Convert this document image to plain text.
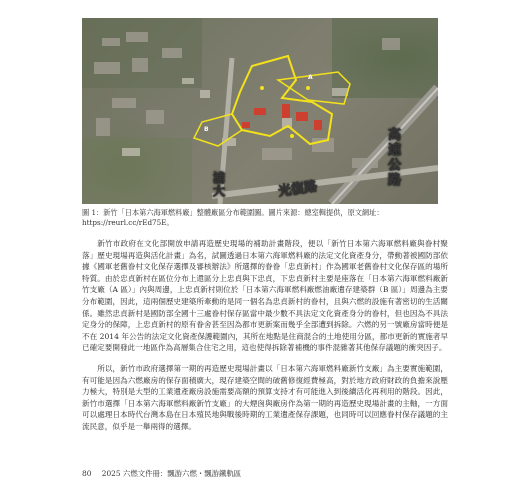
高速公路
光復路
浦大
A
B
圖 1：新竹「日本第六海軍燃料廠」整體廠區分布範圍圖。圖片來源：總室輯提供，原文網址：https://reurl.cc/rEd75E。

新竹市政府在文化部開放申請再造歷史現場的補助計畫階段，便以「新竹日本第六海軍燃料廠與眷村聚落」歷史現場再造與活化計畫」為名，試圖透過日本第六海軍燃料廠的法定文化資產身分，帶動著被國防部依據《國軍老舊眷村文化保存選擇及審核辦法》所選擇的眷眷「忠貞新村」作為國軍老舊眷村文化保存區的場所特質。由於忠貞新村在區位分布上還區分上忠貞與下忠貞，下忠貞新村主要是座落在「日本第六海軍燃料廠新竹支廠（A 區）」內與周邊，上忠貞新村則位於「日本第六海軍燃料廠燃油廠遺存建築群（B 區）」周邊為主要分布範圍，因此，這兩個歷史建築所牽動的是同一個名為忠貞新村的眷村，且與六燃的設施有著密切的生活關係。雖然忠貞新村是國防部全國十三處眷村保存區當中最少數不具法定文化資產身分的眷村，但也因為不具法定身分的保障，上忠貞新村的原有眷舍甚至因為都市更新案而幾乎全部遭到拆除。六燃的另一號廠房當時便是不在 2014 年公告的法定文化資產保護範圍內，其所在地點是住商混合的土地使用分區，都市更新的實施者早已確定要開發此一地區作為高層集合住宅之用，這也使得拆除著補機的事件混雜著其他保存議題的衝突因子。

所以，新竹市政府選擇第一期的再造歷史現場計畫以「日本第六海軍燃料廠新竹支廠」為主要實施範圍，有可能是因為六燃廠房的保存面積廣大，現存建築空間的破舊修復經費極高，對於地方政府財政的負擔來說壓力極大，特別是大型的工業遺產廠房設施需要高額的預算支持才有可能進入到後續活化再利用的階段。因此，新竹市選擇「日本第六海軍燃料廠新竹支廠」的大煙囪與廠房作為第一期的再造歷史現場計畫的主軸，一方面可以處理日本時代台灣本島在日本殖民地與戰後時期的工業遺產保存課題，也同時可以回應眷村保存議題的主流民意，似乎是一舉兩得的選擇。

80 2025 六燃文件冊：飄游六燃・飄游鐵軌區
